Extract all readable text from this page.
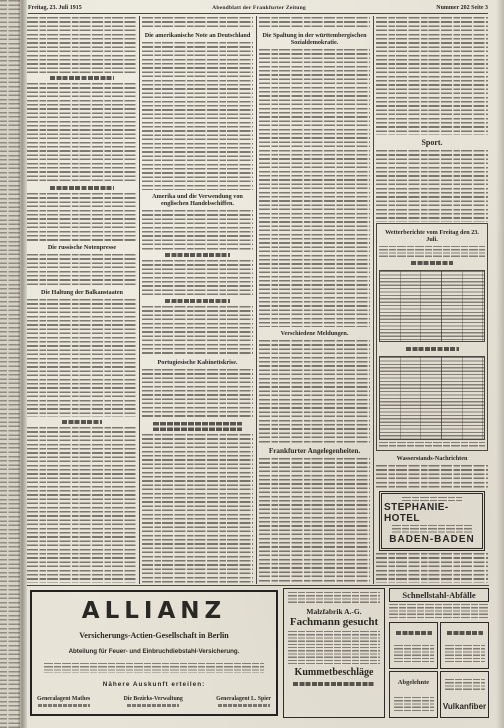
Freitag, 23. Juli 1915	Abendblatt der Frankfurter Zeitung	Nummer 202 Seite 3
Die russische Notenpresse
Die Haltung der Balkanstaaten
Die amerikanische Note an Deutschland
Amerika und die Verwendung von englischen Handelsschiffen.
Portugiesische Kabinettskrise.
Die Spaltung in der württembergischen Sozialdemokratie.
Verschiedene Meldungen.
Frankfurter Angelegenheiten.
Sport.
Wetterberichte vom Freitag den 23. Juli.
Wasserstands-Nachrichten
STEPHANIE-HOTEL
BADEN-BADEN
ALLIANZ
Versicherungs-Actien-Gesellschaft in Berlin
Abteilung für Feuer- und Einbruchdiebstahl-Versicherung.
Nähere Auskunft erteilen:
Generalagent Mathes	Die Bezirks-Verwaltung	Generalagent L. Spier
Malzfabrik A.-G.
Fachmann gesucht
Kummetbeschläge
Schnellstahl-Abfälle
Abgelehnte
Vulkanfiber
